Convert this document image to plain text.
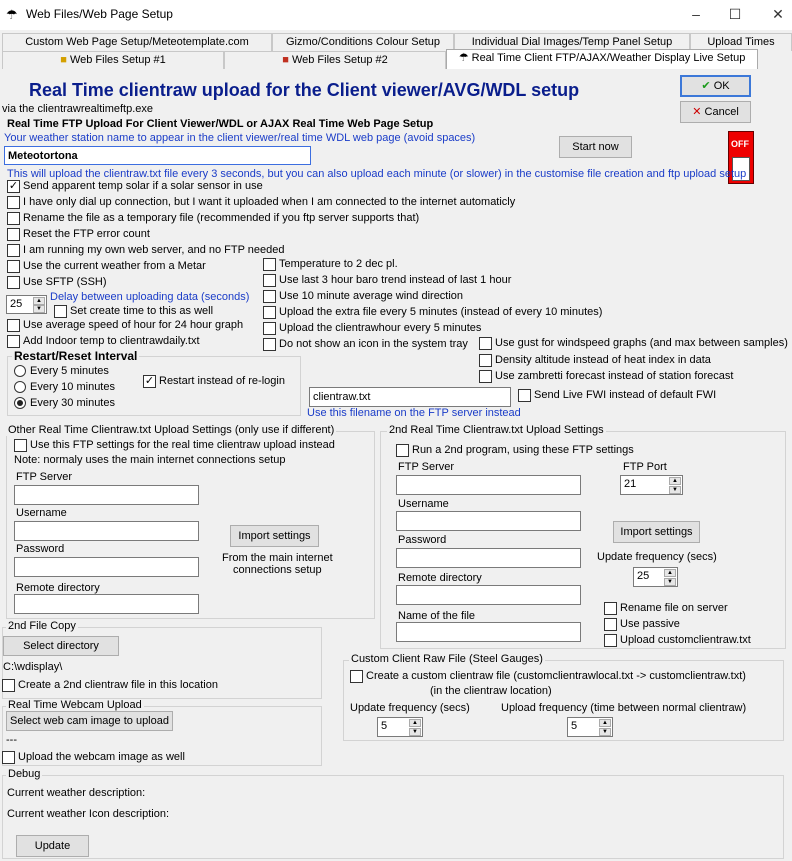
☂ Web Files/Web Page Setup	–	☐ ✕
Custom Web Page Setup/Meteotemplate.com	Gizmo/Conditions Colour Setup	Individual Dial Images/Temp Panel Setup	Upload Times
■ Web Files Setup #1	■ Web Files Setup #2	☂ Real Time Client FTP/AJAX/Weather Display Live Setup
Real Time clientraw upload for the Client viewer/AVG/WDL setup
via the clientrawrealtimeftp.exe
✔ OK
✕ Cancel
Real Time FTP Upload For Client Viewer/WDL or AJAX Real Time Web Page Setup
Your weather station name to appear in the client viewer/real time WDL web page (avoid spaces)
Meteotortona
Start now	OFF
This will upload the clientraw.txt file every 3 seconds, but you can also upload each minute (or slower) in the customise file creation and ftp upload setup
✓ Send apparent temp solar if a solar sensor in use
I have only dial up connection, but I want it uploaded when I am connected to the internet automaticly
Rename the file as a temporary file (recommended if you ftp server supports that)
Reset the FTP error count
I am running my own web server, and no FTP needed
Use the current weather from a Metar
Use SFTP (SSH)
25	▲
▼
Delay between uploading data (seconds)
Set create time to this as well
Use average speed of hour for 24 hour graph
Add Indoor temp to clientrawdaily.txt
Temperature to 2 dec pl.
Use last 3 hour baro trend instead of last 1 hour
Use 10 minute average wind direction
Upload the extra file every 5 minutes (instead of every 10 minutes)
Upload the clientrawhour every 5 minutes
Do not show an icon in the system tray Use gust for windspeed graphs (and max between samples)
Density altitude instead of heat index in data
Use zambretti forecast instead of station forecast
Restart/Reset Interval
Every 5 minutes
Every 10 minutes
Every 30 minutes
✓ Restart instead of re-login
clientraw.txt
Use this filename on the FTP server instead
Send Live FWI instead of default FWI
Other Real Time Clientraw.txt Upload Settings (only use if different)
Use this FTP settings for the real time clientraw upload instead
Note: normaly uses the main internet connections setup
FTP Server
Username
Password
Remote directory
Import settings
From the main internet
connections setup
2nd Real Time Clientraw.txt Upload Settings
Run a 2nd program, using these FTP settings
FTP Server	FTP Port
21	▲
▼
Username
Password
Import settings
Update frequency (secs)
25	▲
▼
Remote directory
Name of the file
Rename file on server
Use passive
Upload customclientraw.txt
2nd File Copy
Select directory
C:\wdisplay\
Create a 2nd clientraw file in this location
Real Time Webcam Upload
Select web cam image to upload
---
Upload the webcam image as well
Custom Client Raw File (Steel Gauges)
Create a custom clientraw file (customclientrawlocal.txt -> customclientraw.txt)
(in the clientraw location)
Update frequency (secs)
5	▲
▼
Upload frequency (time between normal clientraw)
5	▲
▼
Debug
Current weather description:
Current weather Icon description:
Update
